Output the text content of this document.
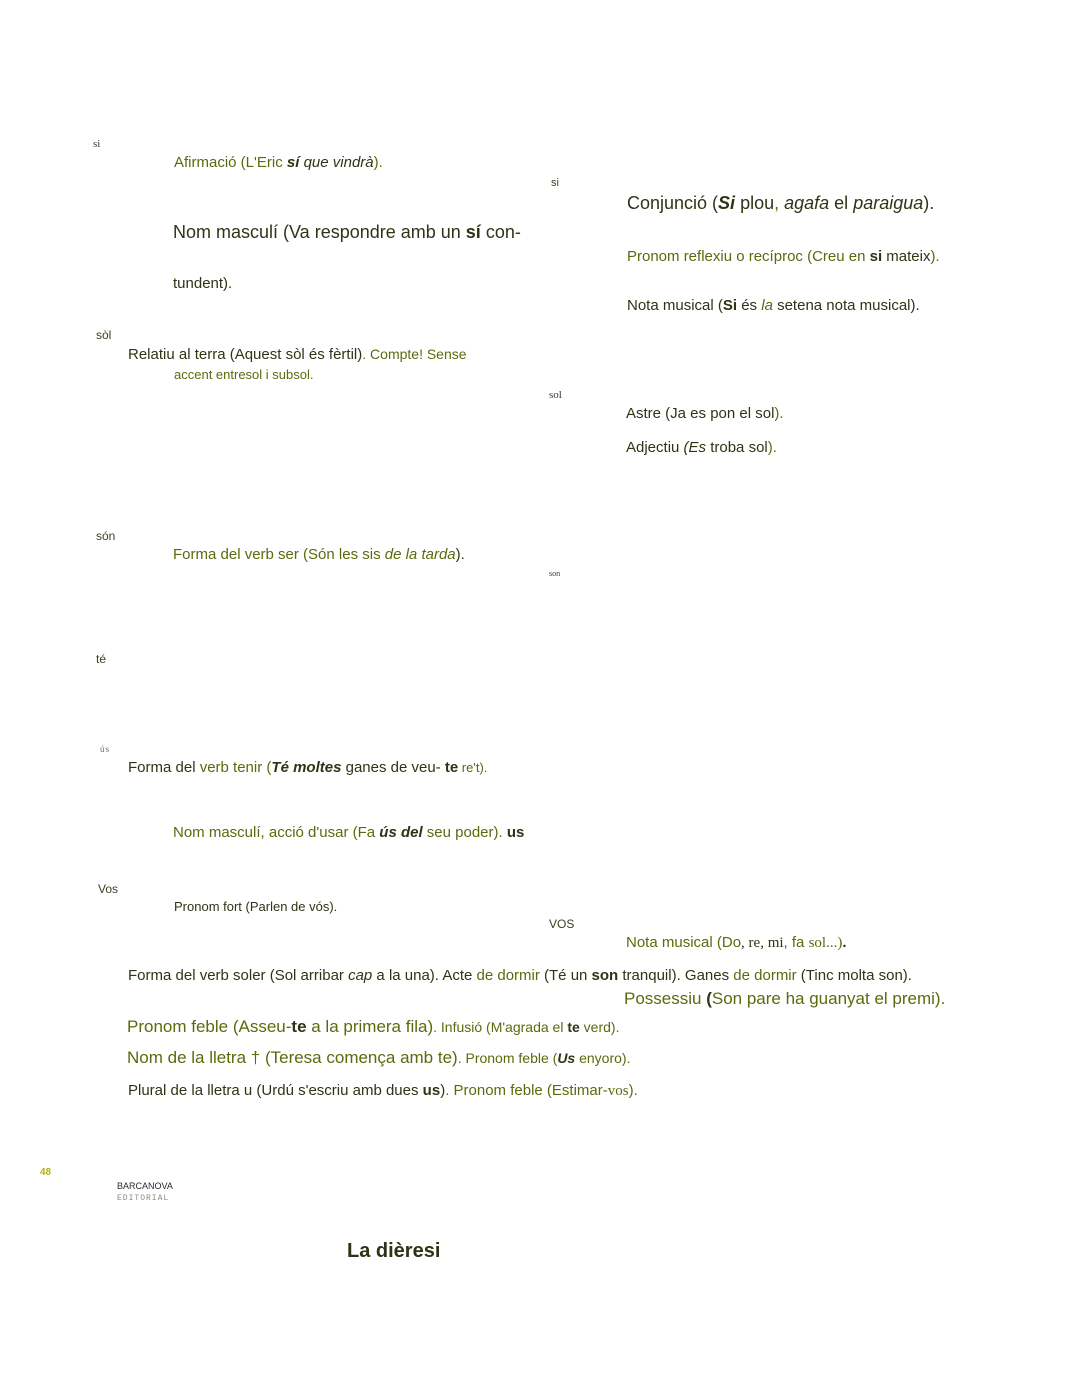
si
Afirmació (L'Eric sí que vindrà).
Nom masculí (Va respondre amb un sí con-
tundent).
si
Conjunció (Si plou, agafa el paraigua).
Pronom reflexiu o recíproc (Creu en si mateix).
Nota musical (Si és la setena nota musical).
sòl
Relatiu al terra (Aquest sòl és fèrtil). Compte! Sense
accent entresol i subsol.
sol
Astre (Ja es pon el sol).
Adjectiu (Es troba sol).
són
Forma del verb ser (Són les sis de la tarda).
son
té
ús
Forma del verb tenir (Té moltes ganes de veu- te re't).
Nom masculí, acció d'usar (Fa ús del seu poder). us
Vos
Pronom fort (Parlen de vós).
VOS
Nota musical (Do, re, mi, fa sol...).
Forma del verb soler (Sol arribar cap a la una). Acte de dormir (Té un son tranquil). Ganes de dormir (Tinc molta son).
Possessiu (Son pare ha guanyat el premi).
Pronom feble (Asseu-te a la primera fila). Infusió (M'agrada el te verd).
Nom de la lletra † (Teresa comença amb te). Pronom feble (Us enyoro).
Plural de la lletra u (Urdú s'escriu amb dues us). Pronom feble (Estimar-vos).
48
BARCANOVA
EDITORIAL
La dièresi
